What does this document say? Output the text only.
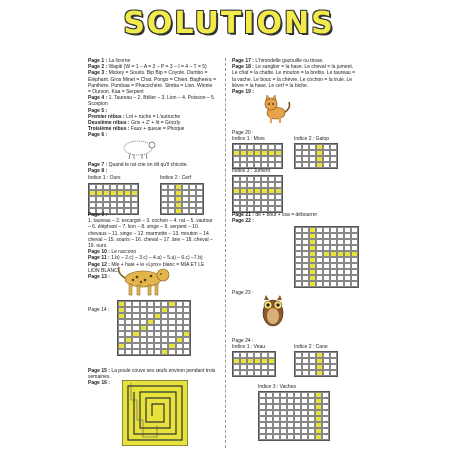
SOLUTIONS

Page 1 : La licorne

Page 2 : Wapiti (W = 1 – A = 2 – P = 3 – I = 4 – T = 5)

Page 3 : Mickey = Souris. Bip Bip = Coyote. Dumbo = Éléphant. Gros Minet = Chat. Pongo = Chien. Bagheera = Panthère. Pumbaa = Phacochère. Simba = Lion. Winnie = Ourson. Kaa = Serpent

Page 4 : 1. Taureau – 2. Bélier – 3. Lion – 4. Poisson – 5. Scorpion

Page 5 :

Premier rébus : Lot + ruche = L'autruche

Deuxième rébus : Gris + Z' + lit = Grizzly

Troisième rébus : Faux + queue = Phoque

Page 6 :

Page 7 : Quand le rat crie on dit qu'il chicote.

Page 8 :

Indice 1 : Ours	Indice 2 : Cerf

Page 9 :

1. taureau – 2. escargot – 3. cochon – 4. rat – 5. vautour – 6. éléphant – 7. lion – 8. singe – 9. serpent – 10. chevaux – 11. singe – 12. marmotte – 13. mouton – 14. cheval – 15. souris – 16. cheval – 17. âne – 18. cheval – 19. ours.

Page 10 : Le raccoon

Page 11 : 1.b) – 2.c) – 3.c) – 4.a) – 5.a) – 6.c) –7.b)

Page 12 : Mie + haie + le «Lynx» blanc = MIA ET LE LION BLANC

Page 13 :

Page 14 :

Page 15 : La poule couve ses œufs environ pendant trois semaines.

Page 16 :

Page 17 : L'hirondelle gazouille ou trisse.

Page 18 : Le sanglier = la hase. Le cheval = la jument. Le chat = la chatte. Le mouton = la brebis. Le taureau = la vache. Le bouc = la chèvre. Le cochon = la truie. Le lièvre = la hase. Le cerf = la biche.

Page 19 :

Page 20 :
Indice 1 : Mors	Indice 2 : Galop
Indice 3 : Jument

Page 21 : dé + bout + ssa = débourrer

Page 22 :

Page 23 :
Page 24 :
Indice 1 : Veau	Indice 2 : Cane
Indice 3 : Vaches
